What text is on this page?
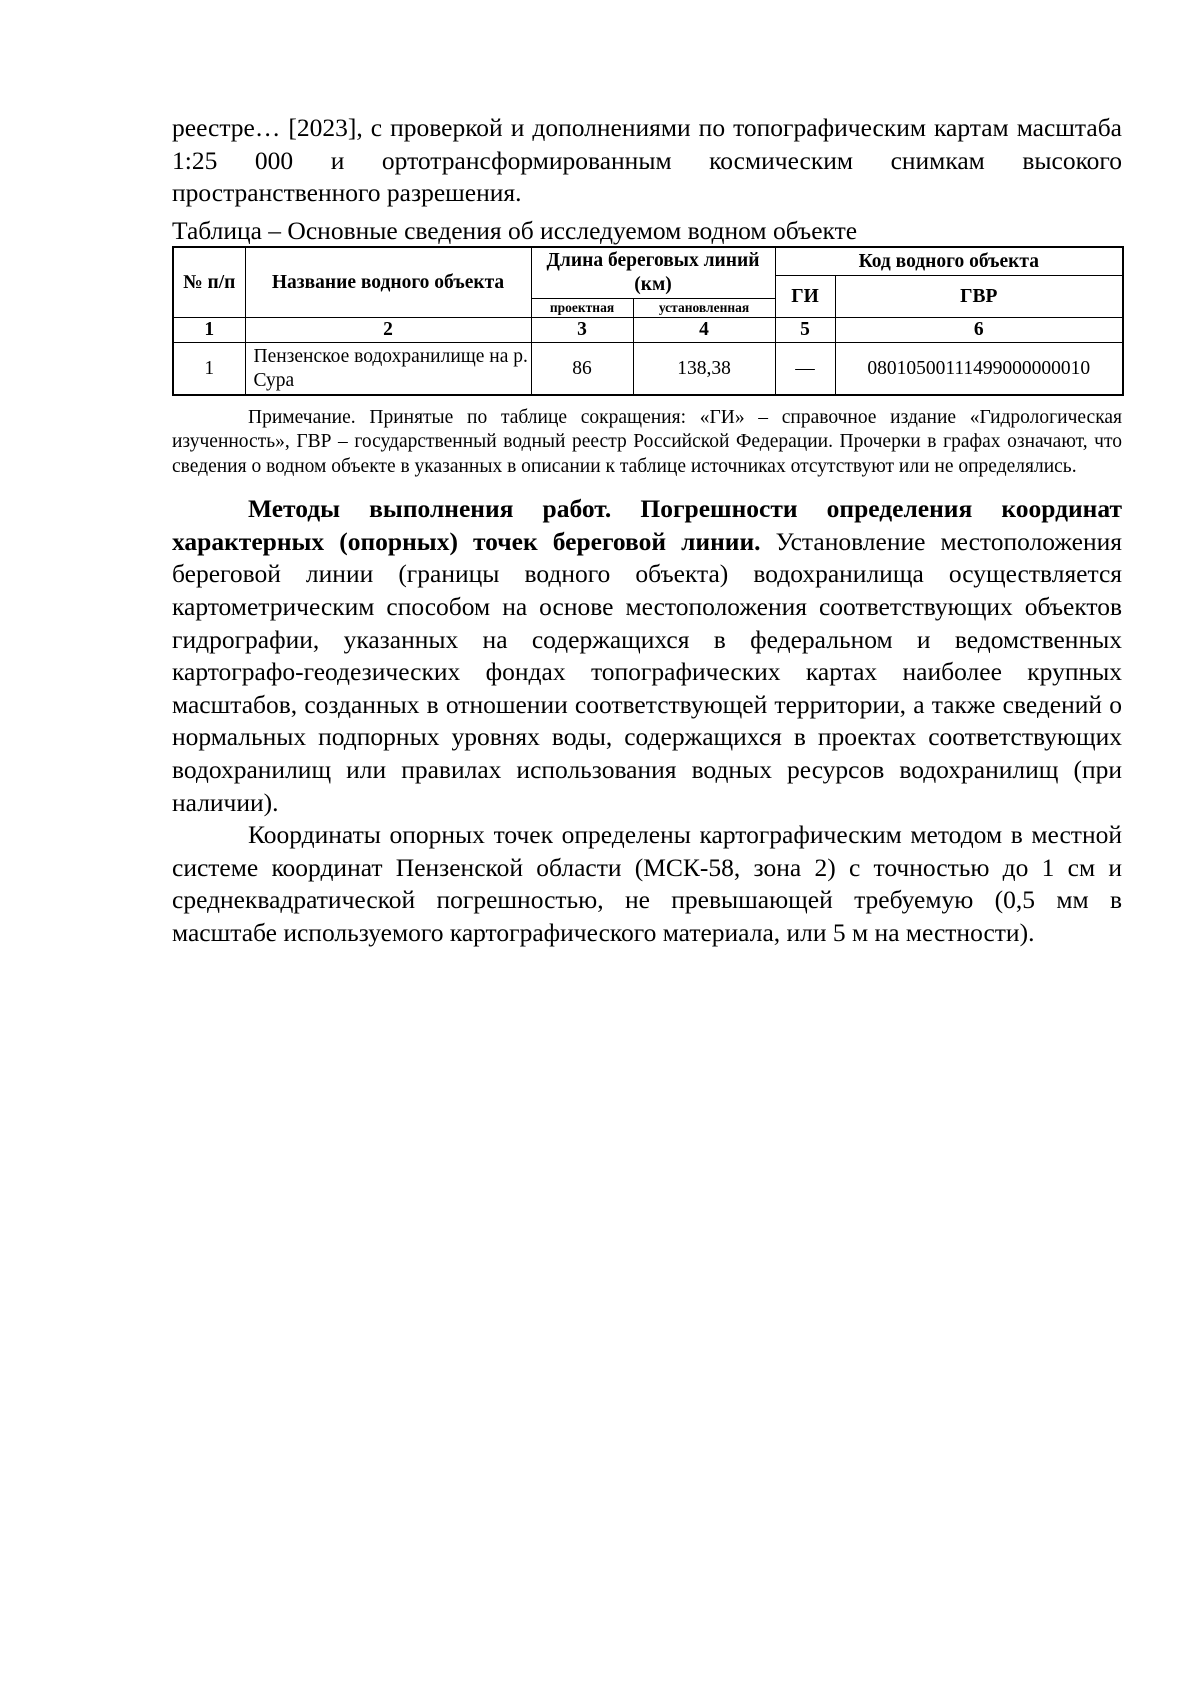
реестре… [2023], с проверкой и дополнениями по топографическим картам масштаба 1:25 000 и ортотрансформированным космическим снимкам высокого пространственного разрешения.

Таблица – Основные сведения об исследуемом водном объекте
№ п/п	Название водного объекта	Длина береговых линий (км)		Код водного объекта	
				ГИ	ГВР
		проектная	установленная		
1	2	3	4	5	6
1	Пензенское водохранилище на р. Сура	86	138,38	—	08010500111499000000010

Примечание. Принятые по таблице сокращения: «ГИ» – справочное издание «Гидрологическая изученность», ГВР – государственный водный реестр Российской Федерации. Прочерки в графах означают, что сведения о водном объекте в указанных в описании к таблице источниках отсутствуют или не определялись.

Методы выполнения работ. Погрешности определения координат характерных (опорных) точек береговой линии. Установление местоположения береговой линии (границы водного объекта) водохранилища осуществляется картометрическим способом на основе местоположения соответствующих объектов гидрографии, указанных на содержащихся в федеральном и ведомственных картографо-геодезических фондах топографических картах наиболее крупных масштабов, созданных в отношении соответствующей территории, а также сведений о нормальных подпорных уровнях воды, содержащихся в проектах соответствующих водохранилищ или правилах использования водных ресурсов водохранилищ (при наличии).

Координаты опорных точек определены картографическим методом в местной системе координат Пензенской области (МСК-58, зона 2) с точностью до 1 см и среднеквадратической погрешностью, не превышающей требуемую (0,5 мм в масштабе используемого картографического материала, или 5 м на местности).
